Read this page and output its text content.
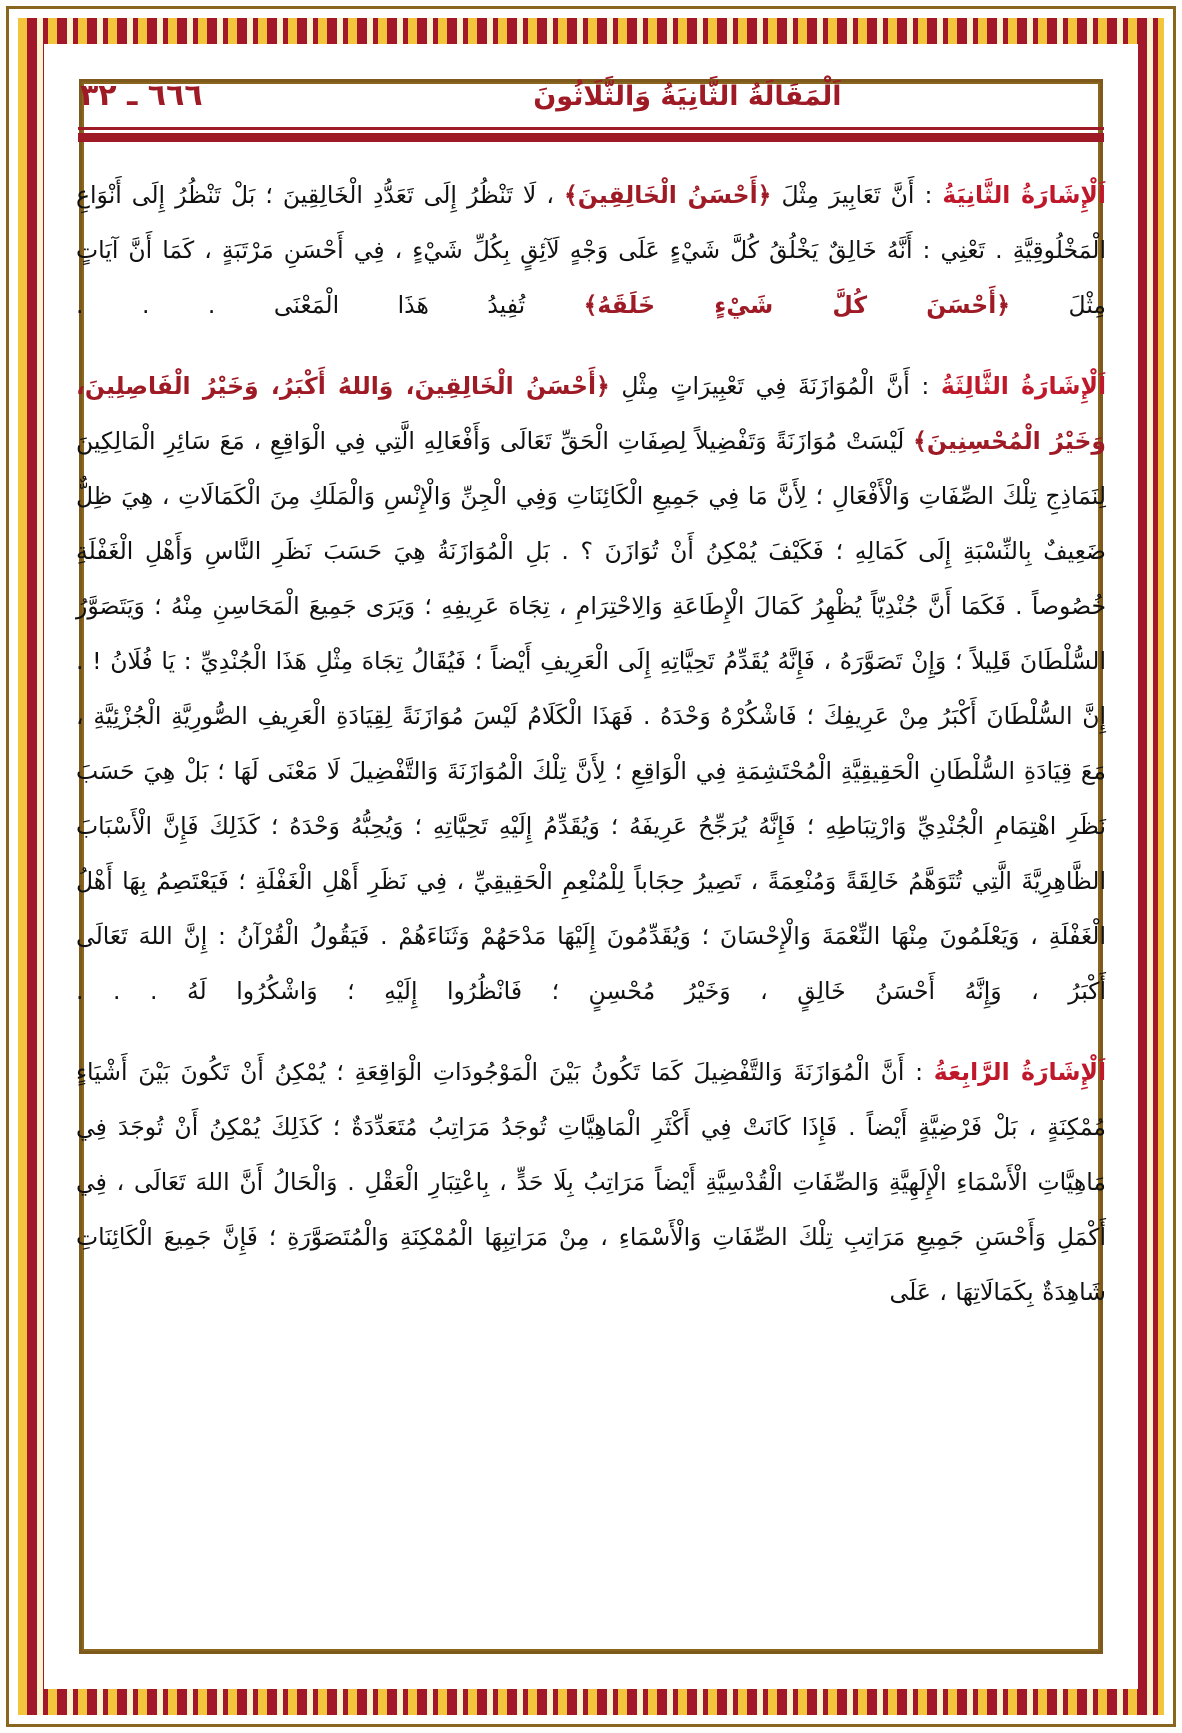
٦٦٦ ـ ٣٢	اَلْمَقَالَةُ الثَّانِيَةُ وَالثَّلَاثُونَ

اَلْإِشَارَةُ الثَّانِيَةُ : أَنَّ تَعَابِيرَ مِثْلَ ﴿أَحْسَنُ الْخَالِقِينَ﴾ ، لَا تَنْظُرُ إِلَى تَعَدُّدِ الْخَالِقِينَ ؛ بَلْ تَنْظُرُ إِلَى أَنْوَاعِ الْمَخْلُوقِيَّةِ . تَعْنِي : أَنَّهُ خَالِقٌ يَخْلُقُ كُلَّ شَيْءٍ عَلَى وَجْهٍ لَآئِقٍ بِكُلِّ شَيْءٍ ، فِي أَحْسَنِ مَرْتَبَةٍ ، كَمَا أَنَّ آيَاتٍ مِثْلَ ﴿أَحْسَنَ كُلَّ شَيْءٍ خَلَقَهُ﴾ تُفِيدُ هَذَا الْمَعْنَى . . .

اَلْإِشَارَةُ الثَّالِثَةُ : أَنَّ الْمُوَازَنَةَ فِي تَعْبِيرَاتٍ مِثْلِ ﴿أَحْسَنُ الْخَالِقِينَ، وَاللهُ أَكْبَرُ، وَخَيْرُ الْفَاصِلِينَ، وَخَيْرُ الْمُحْسِنِينَ﴾ لَيْسَتْ مُوَازَنَةً وَتَفْضِيلاً لِصِفَاتِ الْحَقِّ تَعَالَى وَأَفْعَالِهِ الَّتِي فِي الْوَاقِعِ ، مَعَ سَائِرِ الْمَالِكِينَ لِنَمَاذِجِ تِلْكَ الصِّفَاتِ وَالْأَفْعَالِ ؛ لِأَنَّ مَا فِي جَمِيعِ الْكَائِنَاتِ وَفِي الْجِنِّ وَالْإِنْسِ وَالْمَلَكِ مِنَ الْكَمَالَاتِ ، هِيَ ظِلٌّ ضَعِيفٌ بِالنِّسْبَةِ إِلَى كَمَالِهِ ؛ فَكَيْفَ يُمْكِنُ أَنْ تُوَازَنَ ؟ . بَلِ الْمُوَازَنَةُ هِيَ حَسَبَ نَظَرِ النَّاسِ وَأَهْلِ الْغَفْلَةِ خُصُوصاً . فَكَمَا أَنَّ جُنْدِيّاً يُظْهِرُ كَمَالَ الْإِطَاعَةِ وَالِاحْتِرَامِ ، تِجَاهَ عَرِيفِهِ ؛ وَيَرَى جَمِيعَ الْمَحَاسِنِ مِنْهُ ؛ وَيَتَصَوَّرُ السُّلْطَانَ قَلِيلاً ؛ وَإِنْ تَصَوَّرَهُ ، فَإِنَّهُ يُقَدِّمُ تَحِيَّاتِهِ إِلَى الْعَرِيفِ أَيْضاً ؛ فَيُقَالُ تِجَاهَ مِثْلِ هَذَا الْجُنْدِيِّ : يَا فُلَانُ ! . إِنَّ السُّلْطَانَ أَكْبَرُ مِنْ عَرِيفِكَ ؛ فَاشْكُرْهُ وَحْدَهُ . فَهَذَا الْكَلَامُ لَيْسَ مُوَازَنَةً لِقِيَادَةِ الْعَرِيفِ الصُّورِيَّةِ الْجُزْئِيَّةِ ، مَعَ قِيَادَةِ السُّلْطَانِ الْحَقِيقِيَّةِ الْمُحْتَشِمَةِ فِي الْوَاقِعِ ؛ لِأَنَّ تِلْكَ الْمُوَازَنَةَ وَالتَّفْضِيلَ لَا مَعْنَى لَهَا ؛ بَلْ هِيَ حَسَبَ نَظَرِ اهْتِمَامِ الْجُنْدِيِّ وَارْتِبَاطِهِ ؛ فَإِنَّهُ يُرَجِّحُ عَرِيفَهُ ؛ وَيُقَدِّمُ إِلَيْهِ تَحِيَّاتِهِ ؛ وَيُحِبُّهُ وَحْدَهُ ؛ كَذَلِكَ فَإِنَّ الْأَسْبَابَ الظَّاهِرِيَّةَ الَّتِي تُتَوَهَّمُ خَالِقَةً وَمُنْعِمَةً ، تَصِيرُ حِجَاباً لِلْمُنْعِمِ الْحَقِيقِيِّ ، فِي نَظَرِ أَهْلِ الْغَفْلَةِ ؛ فَيَعْتَصِمُ بِهَا أَهْلُ الْغَفْلَةِ ، وَيَعْلَمُونَ مِنْهَا النِّعْمَةَ وَالْإِحْسَانَ ؛ وَيُقَدِّمُونَ إِلَيْهَا مَدْحَهُمْ وَثَنَاءَهُمْ . فَيَقُولُ الْقُرْآنُ : إِنَّ اللهَ تَعَالَى أَكْبَرُ ، وَإِنَّهُ أَحْسَنُ خَالِقٍ ، وَخَيْرُ مُحْسِنٍ ؛ فَانْظُرُوا إِلَيْهِ ؛ وَاشْكُرُوا لَهُ . . .

اَلْإِشَارَةُ الرَّابِعَةُ : أَنَّ الْمُوَازَنَةَ وَالتَّفْضِيلَ كَمَا تَكُونُ بَيْنَ الْمَوْجُودَاتِ الْوَاقِعَةِ ؛ يُمْكِنُ أَنْ تَكُونَ بَيْنَ أَشْيَاءٍ مُمْكِنَةٍ ، بَلْ فَرْضِيَّةٍ أَيْضاً . فَإِذَا كَانَتْ فِي أَكْثَرِ الْمَاهِيَّاتِ تُوجَدُ مَرَاتِبُ مُتَعَدِّدَةٌ ؛ كَذَلِكَ يُمْكِنُ أَنْ تُوجَدَ فِي مَاهِيَّاتِ الْأَسْمَاءِ الْإِلَهِيَّةِ وَالصِّفَاتِ الْقُدْسِيَّةِ أَيْضاً مَرَاتِبُ بِلَا حَدٍّ ، بِاعْتِبَارِ الْعَقْلِ . وَالْحَالُ أَنَّ اللهَ تَعَالَى ، فِي أَكْمَلِ وَأَحْسَنِ جَمِيعِ مَرَاتِبِ تِلْكَ الصِّفَاتِ وَالْأَسْمَاءِ ، مِنْ مَرَاتِبِهَا الْمُمْكِنَةِ وَالْمُتَصَوَّرَةِ ؛ فَإِنَّ جَمِيعَ الْكَائِنَاتِ شَاهِدَةٌ بِكَمَالَاتِهَا ، عَلَى
